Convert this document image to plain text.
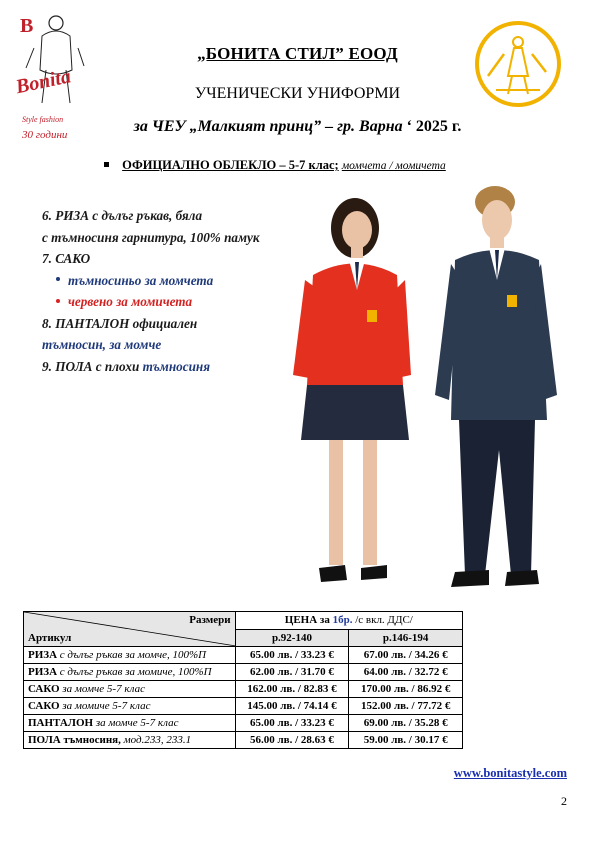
B
Bonita
Style fashion
30 години
„БОНИТА СТИЛ” ЕООД
УЧЕНИЧЕСКИ УНИФОРМИ
за ЧЕУ „Малкият принц” – гр. Варна ‘ 2025 г.
ОФИЦИАЛНО ОБЛЕКЛО – 5-7 клас; момчета / момичета
6. РИЗА с дълъг ръкав, бяла
с тъмносиня гарнитура, 100% памук
7. САКО
тъмносиньо за момчета
червено за момичета
8. ПАНТАЛОН официален
тъмносин, за момче
9. ПОЛА с плохи тъмносиня
Размери
Артикул	ЦЕНА за 1бр. /с вкл. ДДС/	
	р.92-140	р.146-194
РИЗА с дълъг ръкав за момче, 100%П	65.00 лв. / 33.23 €	67.00 лв. / 34.26 €
РИЗА с дълъг ръкав за момиче, 100%П	62.00 лв. / 31.70 €	64.00 лв. / 32.72 €
САКО за момче 5-7 клас	162.00 лв. / 82.83 €	170.00 лв. / 86.92 €
САКО за момиче 5-7 клас	145.00 лв. / 74.14 €	152.00 лв. / 77.72 €
ПАНТАЛОН за момче 5-7 клас	65.00 лв. / 33.23 €	69.00 лв. / 35.28 €
ПОЛА тъмносиня, мод.233, 233.1	56.00 лв. / 28.63 €	59.00 лв. / 30.17 €
www.bonitastyle.com
2
